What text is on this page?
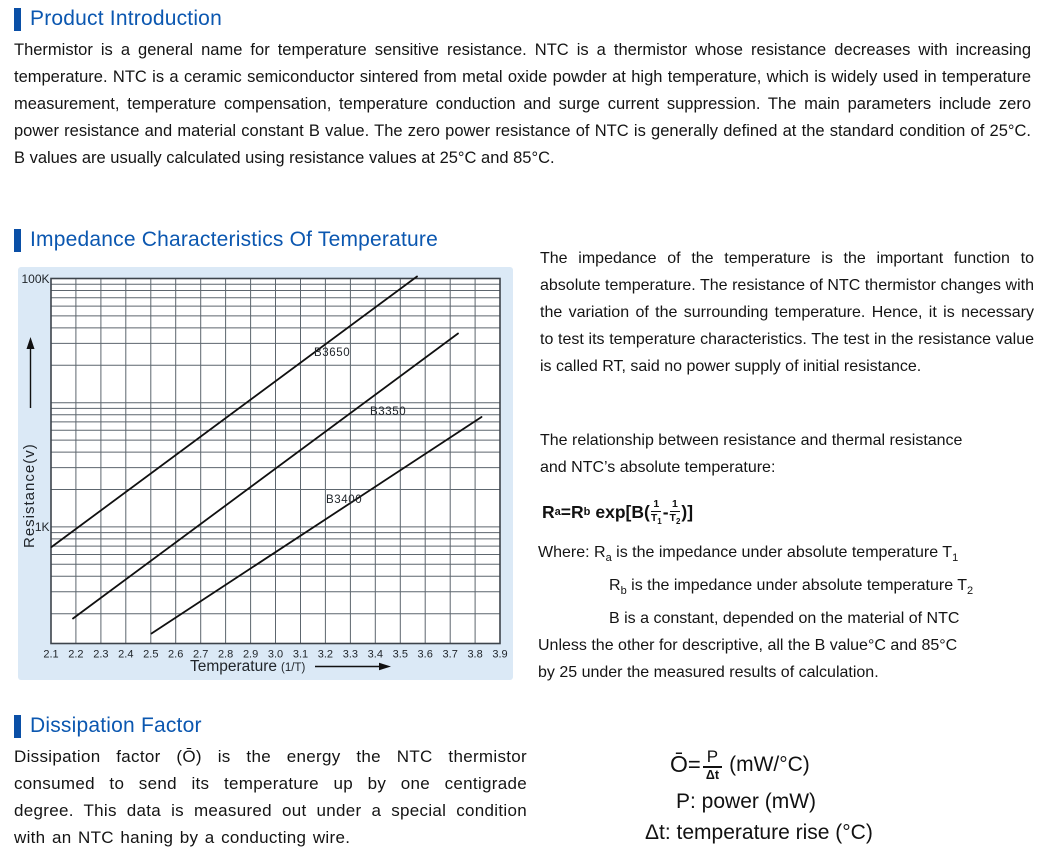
Product Introduction
Thermistor is a general name for temperature sensitive resistance. NTC is a thermistor whose resistance decreases with increasing temperature. NTC is a ceramic semiconductor sintered from metal oxide powder at high temperature, which is widely used in temperature measurement, temperature compensation, temperature conduction and surge current suppression. The main parameters include zero power resistance and material constant B value. The zero power resistance of NTC is generally defined at the standard condition of 25°C. B values are usually calculated using resistance values at 25°C and 85°C.
Impedance Characteristics Of Temperature
B3650
B3350
B3400
100K
1K
Resistance(v)
2.1 2.2 2.3 2.4 2.5 2.6 2.7 2.8 2.9 3.0 3.1 3.2 3.3 3.4 3.5 3.6 3.7 3.8 3.9
Temperature (1/T)
The impedance of the temperature is the important function to absolute temperature. The resistance of NTC thermistor changes with the variation of the surrounding temperature. Hence, it is necessary to test its temperature characteristics. The test in the resistance value is called RT, said no power supply of initial resistance.
The relationship between resistance and thermal resistance
and NTC’s absolute temperature:
R a =R b $\exp[B( \frac{1}{T_1} - \frac{1}{T_2}$ )]
Where: $R_a$ is the impedance under absolute temperature $T_1$
$R_b$ is the impedance under absolute temperature $T_2$
B is a constant, depended on the material of NTC
Unless the other for descriptive, all the B value°C and 85°C
by 25 under the measured results of calculation.
Dissipation Factor
Dissipation factor (Ō) is the energy the NTC thermistor consumed to send its temperature up by one centigrade degree. This data is measured out under a special condition with an NTC haning by a conducting wire.
Ō = $\frac{P}{\Delta t} (mW/^\circ C)$
P: power (mW)
Δt: temperature rise (°C)
